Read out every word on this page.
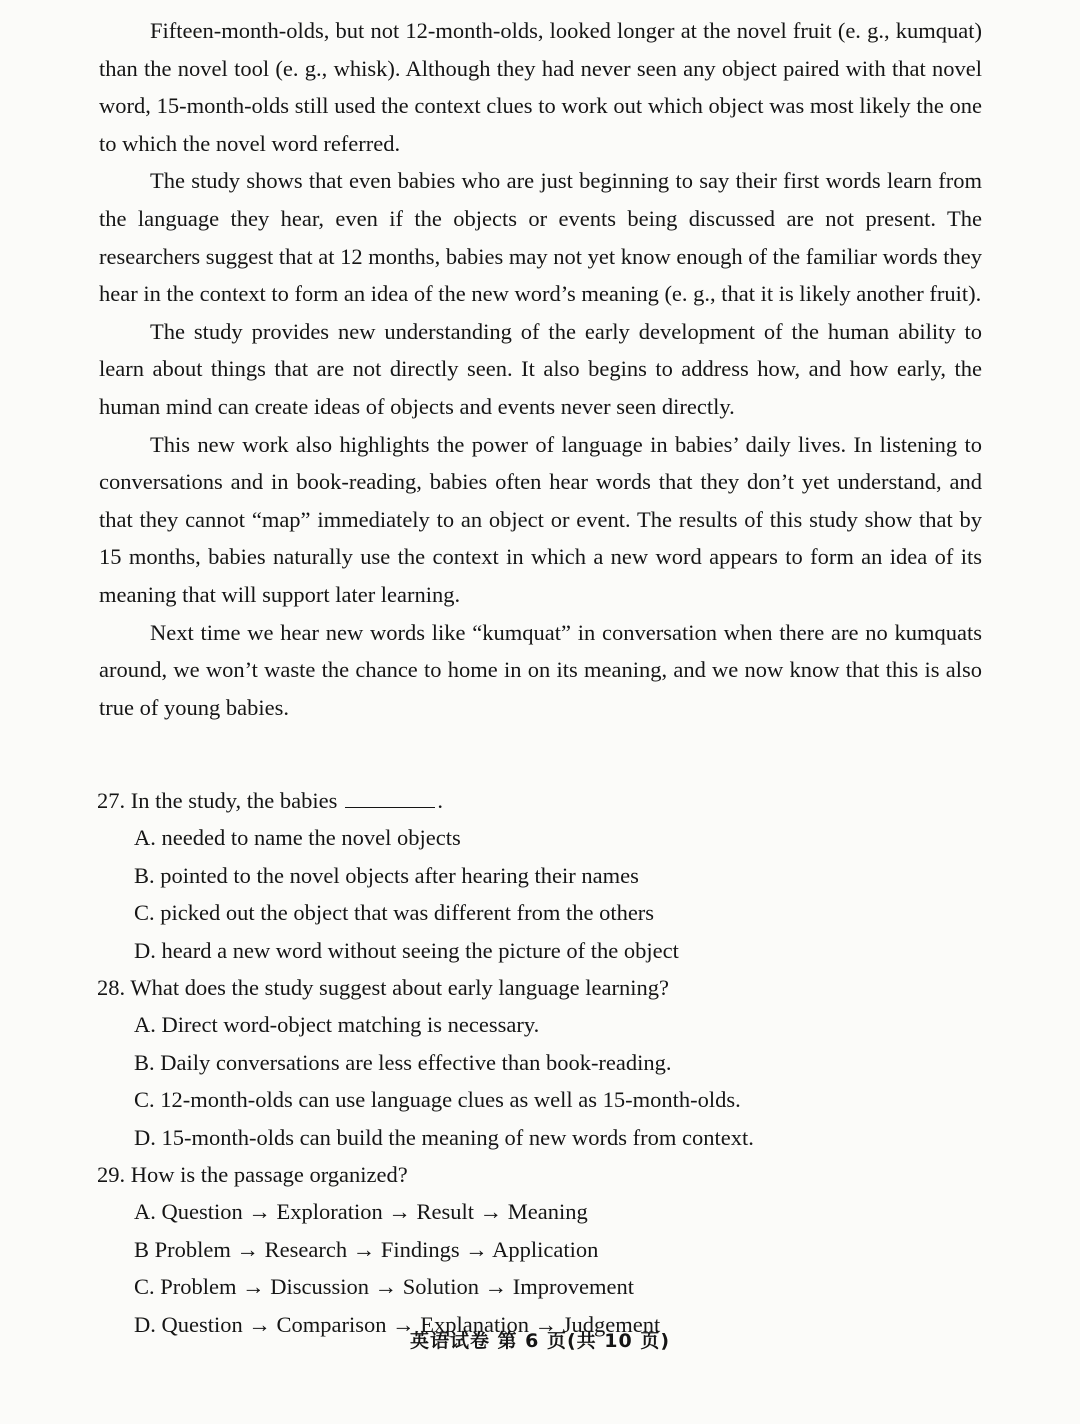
Fifteen-month-olds, but not 12-month-olds, looked longer at the novel fruit (e. g., kumquat) than the novel tool (e. g., whisk). Although they had never seen any object paired with that novel word, 15-month-olds still used the context clues to work out which object was most likely the one to which the novel word referred.

The study shows that even babies who are just beginning to say their first words learn from the language they hear, even if the objects or events being discussed are not present. The researchers suggest that at 12 months, babies may not yet know enough of the familiar words they hear in the context to form an idea of the new word’s meaning (e. g., that it is likely another fruit).

The study provides new understanding of the early development of the human ability to learn about things that are not directly seen. It also begins to address how, and how early, the human mind can create ideas of objects and events never seen directly.

This new work also highlights the power of language in babies’ daily lives. In listening to conversations and in book-reading, babies often hear words that they don’t yet understand, and that they cannot “map” immediately to an object or event. The results of this study show that by 15 months, babies naturally use the context in which a new word appears to form an idea of its meaning that will support later learning.

Next time we hear new words like “kumquat” in conversation when there are no kumquats around, we won’t waste the chance to home in on its meaning, and we now know that this is also true of young babies.

27. In the study, the babies	.
A. needed to name the novel objects
B. pointed to the novel objects after hearing their names
C. picked out the object that was different from the others
D. heard a new word without seeing the picture of the object
28. What does the study suggest about early language learning?
A. Direct word-object matching is necessary.
B. Daily conversations are less effective than book-reading.
C. 12-month-olds can use language clues as well as 15-month-olds.
D. 15-month-olds can build the meaning of new words from context.
29. How is the passage organized?
A. Question → Exploration → Result → Meaning
B Problem → Research → Findings → Application
C. Problem → Discussion → Solution → Improvement
D. Question → Comparison → Explanation → Judgement
英语试卷 第 6 页(共 10 页)
